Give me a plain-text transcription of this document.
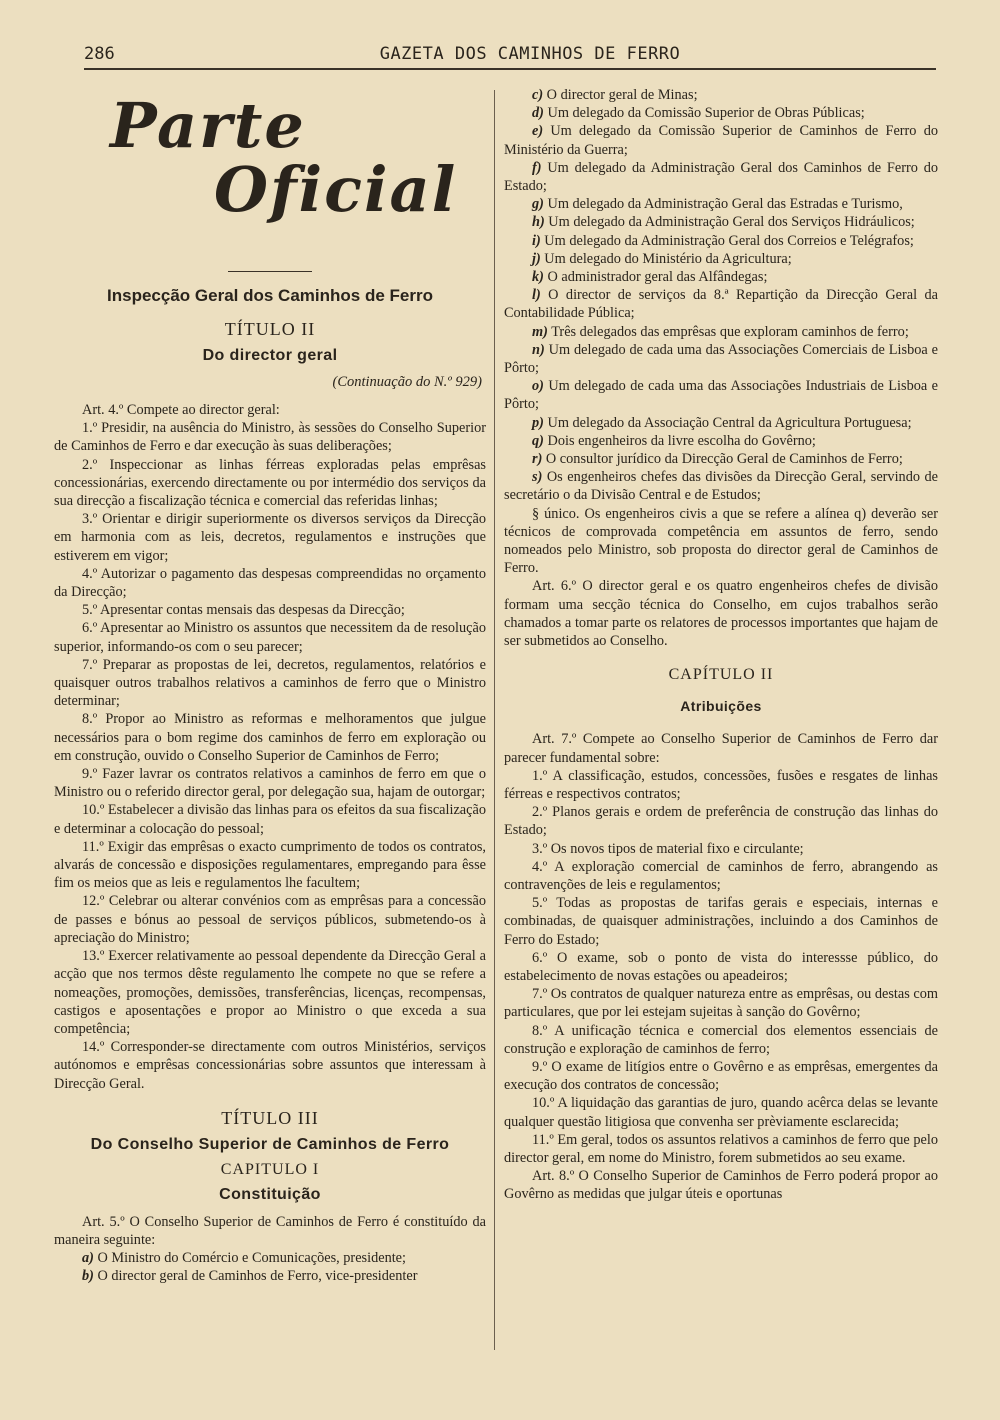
286	GAZETA DOS CAMINHOS DE FERRO
Parte
Oficial
Inspecção Geral dos Caminhos de Ferro
TÍTULO II
Do director geral
(Continuação do N.º 929)

Art. 4.º Compete ao director geral:

1.º Presidir, na ausência do Ministro, às sessões do Conselho Superior de Caminhos de Ferro e dar execução às suas deliberações;

2.º Inspeccionar as linhas férreas exploradas pelas emprêsas concessionárias, exercendo directamente ou por intermédio dos serviços da sua direcção a fiscalização técnica e comercial das referidas linhas;

3.º Orientar e dirigir superiormente os diversos serviços da Direcção em harmonia com as leis, decretos, regulamentos e instruções que estiverem em vigor;

4.º Autorizar o pagamento das despesas compreendidas no orçamento da Direcção;

5.º Apresentar contas mensais das despesas da Direcção;

6.º Apresentar ao Ministro os assuntos que necessitem da de resolução superior, informando-os com o seu parecer;

7.º Preparar as propostas de lei, decretos, regulamentos, relatórios e quaisquer outros trabalhos relativos a caminhos de ferro que o Ministro determinar;

8.º Propor ao Ministro as reformas e melhoramentos que julgue necessários para o bom regime dos caminhos de ferro em exploração ou em construção, ouvido o Conselho Superior de Caminhos de Ferro;

9.º Fazer lavrar os contratos relativos a caminhos de ferro em que o Ministro ou o referido director geral, por delegação sua, hajam de outorgar;

10.º Estabelecer a divisão das linhas para os efeitos da sua fiscalização e determinar a colocação do pessoal;

11.º Exigir das emprêsas o exacto cumprimento de todos os contratos, alvarás de concessão e disposições regulamentares, empregando para êsse fim os meios que as leis e regulamentos lhe facultem;

12.º Celebrar ou alterar convénios com as emprêsas para a concessão de passes e bónus ao pessoal de serviços públicos, submetendo-os à apreciação do Ministro;

13.º Exercer relativamente ao pessoal dependente da Direcção Geral a acção que nos termos dêste regulamento lhe compete no que se refere a nomeações, promoções, demissões, transferências, licenças, recompensas, castigos e aposentações e propor ao Ministro o que exceda a sua competência;

14.º Corresponder-se directamente com outros Ministérios, serviços autónomos e emprêsas concessionárias sobre assuntos que interessam à Direcção Geral.

TÍTULO III
Do Conselho Superior de Caminhos de Ferro
CAPITULO I
Constituição

Art. 5.º O Conselho Superior de Caminhos de Ferro é constituído da maneira seguinte:

a) O Ministro do Comércio e Comunicações, presidente;

b) O director geral de Caminhos de Ferro, vice-presidenter

c) O director geral de Minas;

d) Um delegado da Comissão Superior de Obras Públicas;

e) Um delegado da Comissão Superior de Caminhos de Ferro do Ministério da Guerra;

f) Um delegado da Administração Geral dos Caminhos de Ferro do Estado;

g) Um delegado da Administração Geral das Estradas e Turismo,

h) Um delegado da Administração Geral dos Serviços Hidráulicos;

i) Um delegado da Administração Geral dos Correios e Telégrafos;

j) Um delegado do Ministério da Agricultura;

k) O administrador geral das Alfândegas;

l) O director de serviços da 8.ª Repartição da Direcção Geral da Contabilidade Pública;

m) Três delegados das emprêsas que exploram caminhos de ferro;

n) Um delegado de cada uma das Associações Comerciais de Lisboa e Pôrto;

o) Um delegado de cada uma das Associações Industriais de Lisboa e Pôrto;

p) Um delegado da Associação Central da Agricultura Portuguesa;

q) Dois engenheiros da livre escolha do Govêrno;

r) O consultor jurídico da Direcção Geral de Caminhos de Ferro;

s) Os engenheiros chefes das divisões da Direcção Geral, servindo de secretário o da Divisão Central e de Estudos;

§ único. Os engenheiros civis a que se refere a alínea q) deverão ser técnicos de comprovada competência em assuntos de ferro, sendo nomeados pelo Ministro, sob proposta do director geral de Caminhos de Ferro.

Art. 6.º O director geral e os quatro engenheiros chefes de divisão formam uma secção técnica do Conselho, em cujos trabalhos serão chamados a tomar parte os relatores de processos importantes que hajam de ser submetidos ao Conselho.

CAPÍTULO II
Atribuições

Art. 7.º Compete ao Conselho Superior de Caminhos de Ferro dar parecer fundamental sobre:

1.º A classificação, estudos, concessões, fusões e resgates de linhas férreas e respectivos contratos;

2.º Planos gerais e ordem de preferência de construção das linhas do Estado;

3.º Os novos tipos de material fixo e circulante;

4.º A exploração comercial de caminhos de ferro, abrangendo as contravenções de leis e regulamentos;

5.º Todas as propostas de tarifas gerais e especiais, internas e combinadas, de quaisquer administrações, incluindo a dos Caminhos de Ferro do Estado;

6.º O exame, sob o ponto de vista do interessse público, do estabelecimento de novas estações ou apeadeiros;

7.º Os contratos de qualquer natureza entre as emprêsas, ou destas com particulares, que por lei estejam sujeitas à sanção do Govêrno;

8.º A unificação técnica e comercial dos elementos essenciais de construção e exploração de caminhos de ferro;

9.º O exame de litígios entre o Govêrno e as emprêsas, emergentes da execução dos contratos de concessão;

10.º A liquidação das garantias de juro, quando acêrca delas se levante qualquer questão litigiosa que convenha ser prèviamente esclarecida;

11.º Em geral, todos os assuntos relativos a caminhos de ferro que pelo director geral, em nome do Ministro, forem submetidos ao seu exame.

Art. 8.º O Conselho Superior de Caminhos de Ferro poderá propor ao Govêrno as medidas que julgar úteis e oportunas
